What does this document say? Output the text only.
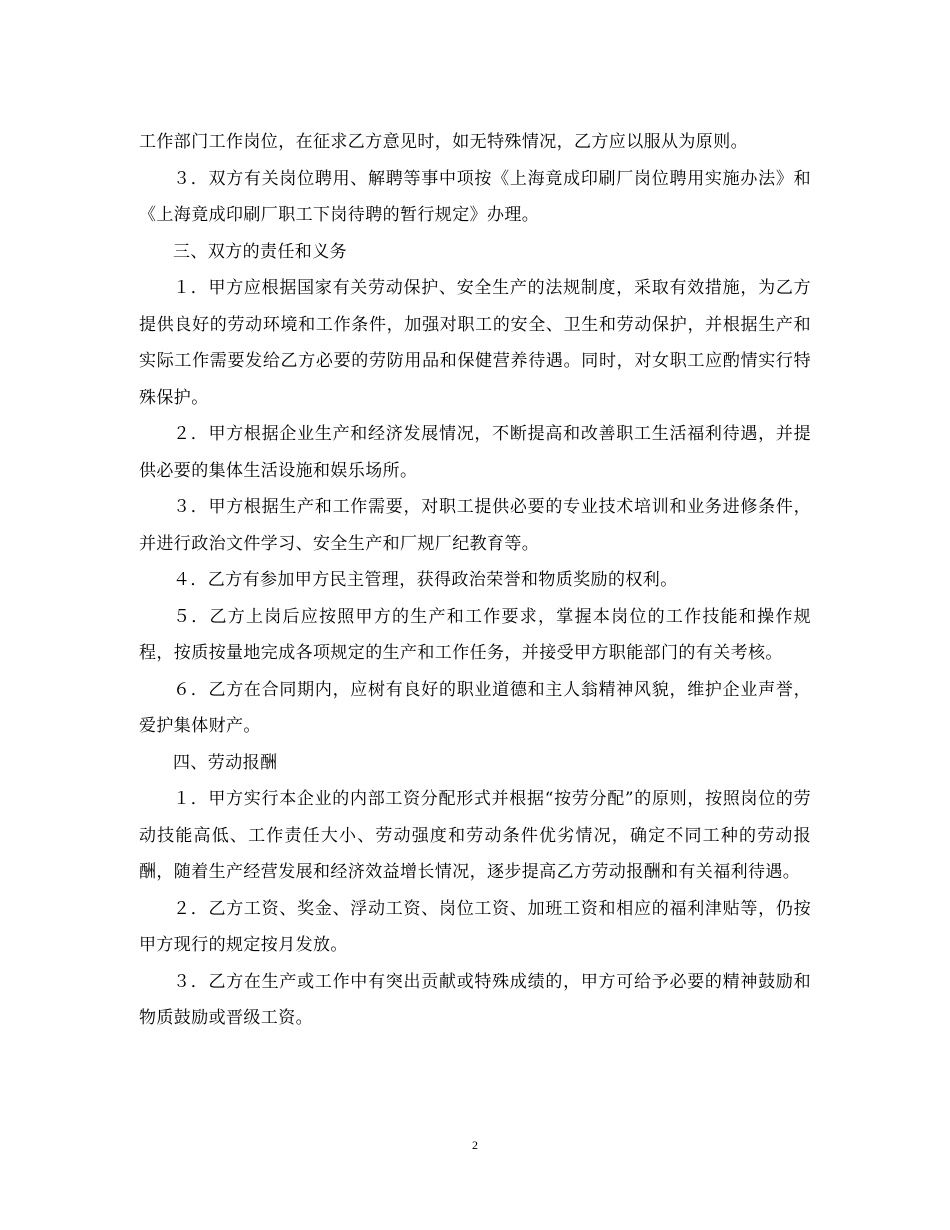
工作部门工作岗位，在征求乙方意见时，如无特殊情况，乙方应以服从为原则。

３．双方有关岗位聘用、解聘等事中项按《上海竟成印刷厂岗位聘用实施办法》和《上海竟成印刷厂职工下岗待聘的暂行规定》办理。

三、双方的责任和义务

１．甲方应根据国家有关劳动保护、安全生产的法规制度，采取有效措施，为乙方提供良好的劳动环境和工作条件，加强对职工的安全、卫生和劳动保护，并根据生产和实际工作需要发给乙方必要的劳防用品和保健营养待遇。同时，对女职工应酌情实行特殊保护。

２．甲方根据企业生产和经济发展情况，不断提高和改善职工生活福利待遇，并提供必要的集体生活设施和娱乐场所。

３．甲方根据生产和工作需要，对职工提供必要的专业技术培训和业务进修条件，并进行政治文件学习、安全生产和厂规厂纪教育等。

４．乙方有参加甲方民主管理，获得政治荣誉和物质奖励的权利。

５．乙方上岗后应按照甲方的生产和工作要求，掌握本岗位的工作技能和操作规程，按质按量地完成各项规定的生产和工作任务，并接受甲方职能部门的有关考核。

６．乙方在合同期内，应树有良好的职业道德和主人翁精神风貌，维护企业声誉，爱护集体财产。

四、劳动报酬

１．甲方实行本企业的内部工资分配形式并根据“按劳分配”的原则，按照岗位的劳动技能高低、工作责任大小、劳动强度和劳动条件优劣情况，确定不同工种的劳动报酬，随着生产经营发展和经济效益增长情况，逐步提高乙方劳动报酬和有关福利待遇。

２．乙方工资、奖金、浮动工资、岗位工资、加班工资和相应的福利津贴等，仍按甲方现行的规定按月发放。

３．乙方在生产或工作中有突出贡献或特殊成绩的，甲方可给予必要的精神鼓励和物质鼓励或晋级工资。

2
